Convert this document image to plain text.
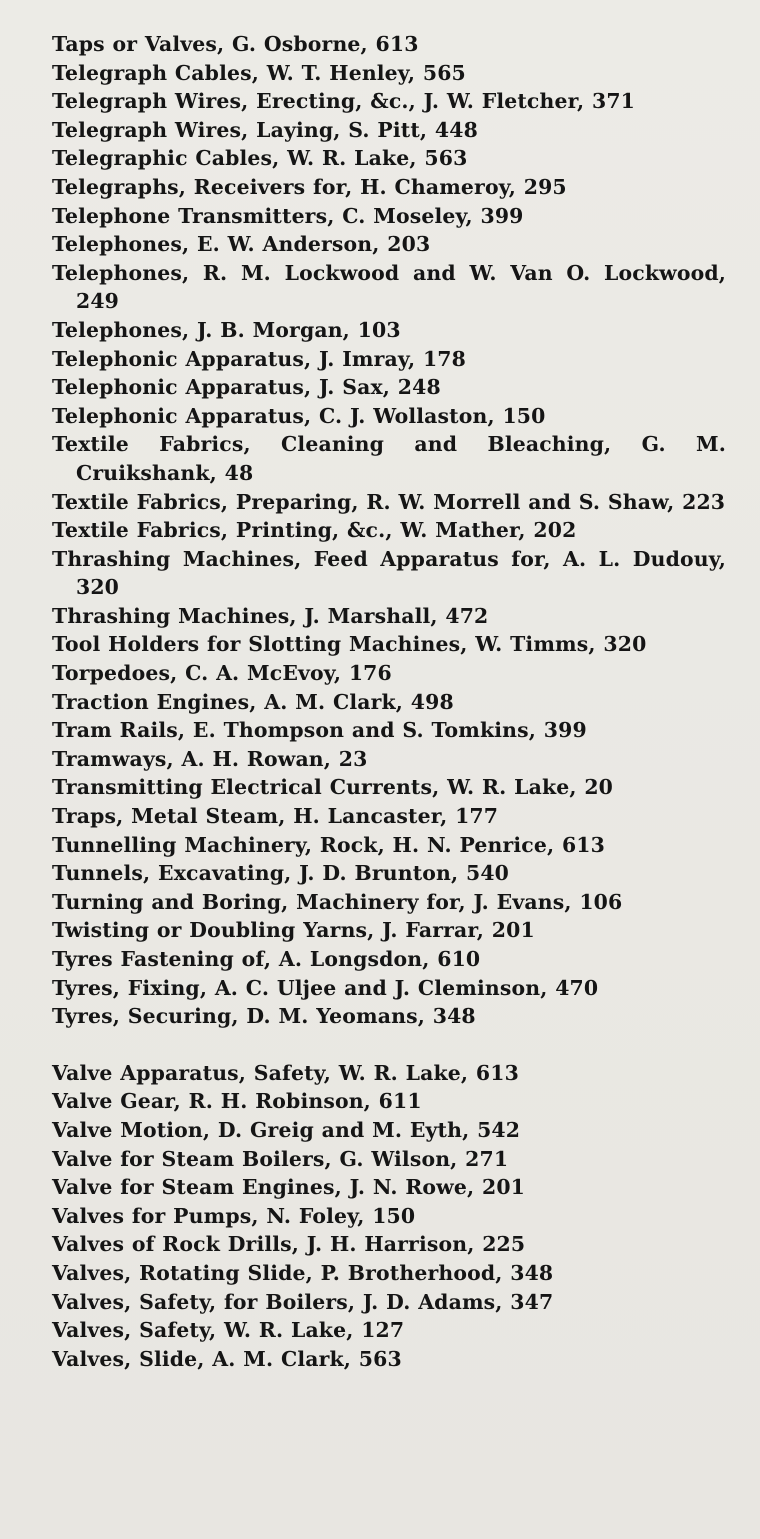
Taps or Valves, G. Osborne, 613
Telegraph Cables, W. T. Henley, 565
Telegraph Wires, Erecting, &c., J. W. Fletcher, 371
Telegraph Wires, Laying, S. Pitt, 448
Telegraphic Cables, W. R. Lake, 563
Telegraphs, Receivers for, H. Chameroy, 295
Telephone Transmitters, C. Moseley, 399
Telephones, E. W. Anderson, 203
Telephones, R. M. Lockwood and W. Van O. Lockwood, 249
Telephones, J. B. Morgan, 103
Telephonic Apparatus, J. Imray, 178
Telephonic Apparatus, J. Sax, 248
Telephonic Apparatus, C. J. Wollaston, 150
Textile Fabrics, Cleaning and Bleaching, G. M. Cruikshank, 48
Textile Fabrics, Preparing, R. W. Morrell and S. Shaw, 223
Textile Fabrics, Printing, &c., W. Mather, 202
Thrashing Machines, Feed Apparatus for, A. L. Dudouy, 320
Thrashing Machines, J. Marshall, 472
Tool Holders for Slotting Machines, W. Timms, 320
Torpedoes, C. A. McEvoy, 176
Traction Engines, A. M. Clark, 498
Tram Rails, E. Thompson and S. Tomkins, 399
Tramways, A. H. Rowan, 23
Transmitting Electrical Currents, W. R. Lake, 20
Traps, Metal Steam, H. Lancaster, 177
Tunnelling Machinery, Rock, H. N. Penrice, 613
Tunnels, Excavating, J. D. Brunton, 540
Turning and Boring, Machinery for, J. Evans, 106
Twisting or Doubling Yarns, J. Farrar, 201
Tyres Fastening of, A. Longsdon, 610
Tyres, Fixing, A. C. Uljee and J. Cleminson, 470
Tyres, Securing, D. M. Yeomans, 348
Valve Apparatus, Safety, W. R. Lake, 613
Valve Gear, R. H. Robinson, 611
Valve Motion, D. Greig and M. Eyth, 542
Valve for Steam Boilers, G. Wilson, 271
Valve for Steam Engines, J. N. Rowe, 201
Valves for Pumps, N. Foley, 150
Valves of Rock Drills, J. H. Harrison, 225
Valves, Rotating Slide, P. Brotherhood, 348
Valves, Safety, for Boilers, J. D. Adams, 347
Valves, Safety, W. R. Lake, 127
Valves, Slide, A. M. Clark, 563
